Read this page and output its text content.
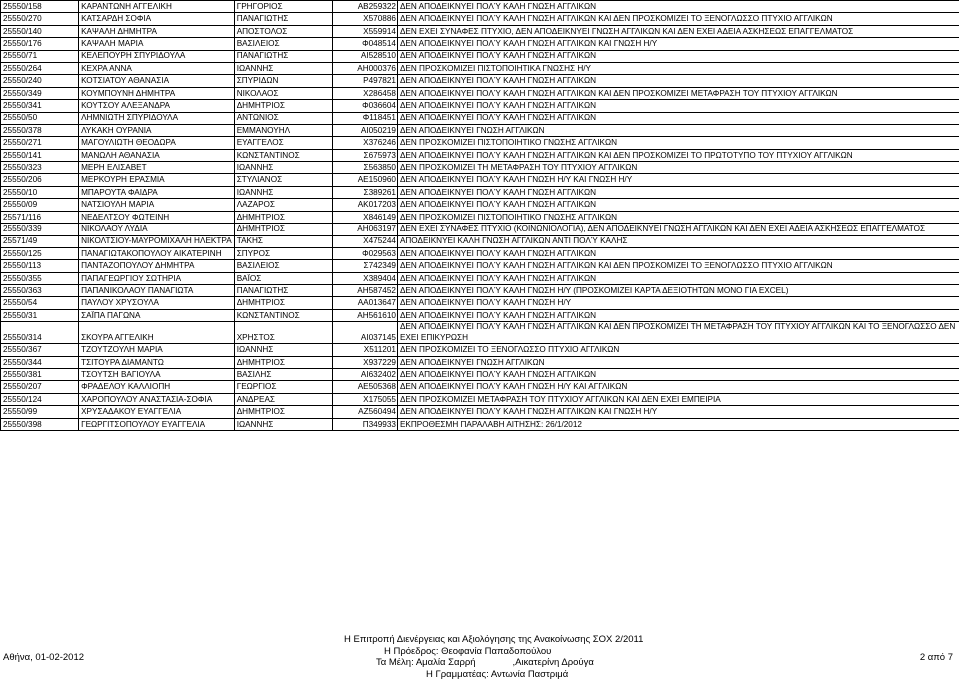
25550/158	ΚΑΡΑΝΤΩΝΗ ΑΓΓΕΛΙΚΗ	ΓΡΗΓΟΡΙΟΣ	ΑΒ259322	ΔΕΝ ΑΠΟΔΕΙΚΝΥΕΙ ΠΟΛΎ ΚΑΛΗ ΓΝΩΣΗ ΑΓΓΛΙΚΩΝ
25550/270	ΚΑΤΣΑΡΔΗ ΣΟΦΙΑ	ΠΑΝΑΓΙΩΤΗΣ	Χ570886	ΔΕΝ ΑΠΟΔΕΙΚΝΥΕΙ ΠΟΛΎ ΚΑΛΗ ΓΝΩΣΗ ΑΓΓΛΙΚΩΝ ΚΑΙ ΔΕΝ ΠΡΟΣΚΟΜΙΖΕΙ ΤΟ ΞΕΝΟΓΛΩΣΣΟ ΠΤΥΧΙΟ ΑΓΓΛΙΚΩΝ
25550/140	ΚΑΨΑΛΗ ΔΗΜΗΤΡΑ	ΑΠΟΣΤΟΛΟΣ	Χ559914	ΔΕΝ ΕΧΕΙ ΣΥΝΑΦΕΣ ΠΤΥΧΙΟ, ΔΕΝ ΑΠΟΔΕΙΚΝΥΕΙ ΓΝΩΣΗ ΑΓΓΛΙΚΩΝ ΚΑΙ ΔΕΝ ΕΧΕΙ ΑΔΕΙΑ ΑΣΚΗΣΕΩΣ ΕΠΑΓΓΕΛΜΑΤΟΣ
25550/176	ΚΑΨΑΛΗ ΜΑΡΙΑ	ΒΑΣΙΛΕΙΟΣ	Φ048514	ΔΕΝ ΑΠΟΔΕΙΚΝΥΕΙ ΠΟΛΎ ΚΑΛΗ ΓΝΩΣΗ ΑΓΓΛΙΚΩΝ ΚΑΙ ΓΝΩΣΗ Η/Υ
25550/71	ΚΕΛΕΠΟΥΡΗ ΣΠΥΡΙΔΟΥΛΑ	ΠΑΝΑΓΙΩΤΗΣ	ΑΙ528510	ΔΕΝ ΑΠΟΔΕΙΚΝΥΕΙ ΠΟΛΎ ΚΑΛΗ ΓΝΩΣΗ ΑΓΓΛΙΚΩΝ
25550/264	ΚΕΧΡΑ ΑΝΝΑ	ΙΩΑΝΝΗΣ	ΑΗ000376	ΔΕΝ ΠΡΟΣΚΟΜΙΖΕΙ ΠΙΣΤΟΠΟΙΗΤΙΚΑ ΓΝΩΣΗΣ Η/Υ
25550/240	ΚΟΤΣΙΑΤΟΥ ΑΘΑΝΑΣΙΑ	ΣΠΥΡΙΔΩΝ	Ρ497821	ΔΕΝ ΑΠΟΔΕΙΚΝΥΕΙ ΠΟΛΎ ΚΑΛΗ ΓΝΩΣΗ ΑΓΓΛΙΚΩΝ
25550/349	ΚΟΥΜΠΟΥΝΗ ΔΗΜΗΤΡΑ	ΝΙΚΟΛΑΟΣ	Χ286458	ΔΕΝ ΑΠΟΔΕΙΚΝΥΕΙ ΠΟΛΎ ΚΑΛΗ ΓΝΩΣΗ ΑΓΓΛΙΚΩΝ ΚΑΙ ΔΕΝ ΠΡΟΣΚΟΜΙΖΕΙ ΜΕΤΑΦΡΑΣΗ ΤΟΥ ΠΤΥΧΙΟΥ ΑΓΓΛΙΚΩΝ
25550/341	ΚΟΥΤΣΟΥ ΑΛΕΞΑΝΔΡΑ	ΔΗΜΗΤΡΙΟΣ	Φ036604	ΔΕΝ ΑΠΟΔΕΙΚΝΥΕΙ ΠΟΛΎ ΚΑΛΗ ΓΝΩΣΗ ΑΓΓΛΙΚΩΝ
25550/50	ΛΗΜΝΙΩΤΗ ΣΠΥΡΙΔΟΥΛΑ	ΑΝΤΩΝΙΟΣ	Φ118451	ΔΕΝ ΑΠΟΔΕΙΚΝΥΕΙ ΠΟΛΎ ΚΑΛΗ ΓΝΩΣΗ ΑΓΓΛΙΚΩΝ
25550/378	ΛΥΚΑΚΗ ΟΥΡΑΝΙΑ	ΕΜΜΑΝΟΥΗΛ	ΑΙ050219	ΔΕΝ ΑΠΟΔΕΙΚΝΥΕΙ ΓΝΩΣΗ ΑΓΓΛΙΚΩΝ
25550/271	ΜΑΓΟΥΛΙΩΤΗ ΘΕΟΔΩΡΑ	ΕΥΑΓΓΕΛΟΣ	Χ376246	ΔΕΝ ΠΡΟΣΚΟΜΙΖΕΙ ΠΙΣΤΟΠΟΙΗΤΙΚΟ ΓΝΩΣΗΣ ΑΓΓΛΙΚΩΝ
25550/141	ΜΑΝΩΛΗ ΑΘΑΝΑΣΙΑ	ΚΩΝΣΤΑΝΤΙΝΟΣ	Σ675973	ΔΕΝ ΑΠΟΔΕΙΚΝΥΕΙ ΠΟΛΎ ΚΑΛΗ ΓΝΩΣΗ ΑΓΓΛΙΚΩΝ ΚΑΙ ΔΕΝ ΠΡΟΣΚΟΜΙΖΕΙ ΤΟ ΠΡΩΤΟΤΥΠΟ ΤΟΥ ΠΤΥΧΙΟΥ ΑΓΓΛΙΚΩΝ
25550/323	ΜΕΡΗ ΕΛΙΣΑΒΕΤ	ΙΩΑΝΝΗΣ	Σ563850	ΔΕΝ ΠΡΟΣΚΟΜΙΖΕΙ ΤΗ ΜΕΤΑΦΡΑΣΗ ΤΟΥ ΠΤΥΧΙΟΥ ΑΓΓΛΙΚΩΝ
25550/206	ΜΕΡΚΟΥΡΗ ΕΡΑΣΜΙΑ	ΣΤΥΛΙΑΝΟΣ	ΑΕ150960	ΔΕΝ ΑΠΟΔΕΙΚΝΥΕΙ ΠΟΛΎ ΚΑΛΗ ΓΝΩΣΗ Η/Υ ΚΑΙ ΓΝΩΣΗ Η/Υ
25550/10	ΜΠΑΡΟΥΤΑ ΦΑΙΔΡΑ	ΙΩΑΝΝΗΣ	Σ389261	ΔΕΝ ΑΠΟΔΕΙΚΝΥΕΙ ΠΟΛΎ ΚΑΛΗ ΓΝΩΣΗ ΑΓΓΛΙΚΩΝ
25550/09	ΝΑΤΣΙΟΥΛΗ ΜΑΡΙΑ	ΛΑΖΑΡΟΣ	ΑΚ017203	ΔΕΝ ΑΠΟΔΕΙΚΝΥΕΙ ΠΟΛΎ ΚΑΛΗ ΓΝΩΣΗ ΑΓΓΛΙΚΩΝ
25571/116	ΝΕΔΕΛΤΣΟΥ ΦΩΤΕΙΝΗ	ΔΗΜΗΤΡΙΟΣ	Χ846149	ΔΕΝ ΠΡΟΣΚΟΜΙΖΕΙ ΠΙΣΤΟΠΟΙΗΤΙΚΟ ΓΝΩΣΗΣ ΑΓΓΛΙΚΩΝ
25550/339	ΝΙΚΟΛΑΟΥ ΛΥΔΙΑ	ΔΗΜΗΤΡΙΟΣ	ΑΗ063197	ΔΕΝ ΕΧΕΙ ΣΥΝΑΦΕΣ ΠΤΥΧΙΟ (ΚΟΙΝΩΝΙΟΛΟΓΙΑ), ΔΕΝ ΑΠΟΔΕΙΚΝΥΕΙ ΓΝΩΣΗ ΑΓΓΛΙΚΩΝ ΚΑΙ ΔΕΝ ΕΧΕΙ ΑΔΕΙΑ ΑΣΚΗΣΕΩΣ ΕΠΑΓΓΕΛΜΑΤΟΣ
25571/49	ΝΙΚΟΛΤΣΙΟΥ-ΜΑΥΡΟΜΙΧΑΛΗ ΗΛΕΚΤΡΑ	ΤΑΚΗΣ	Χ475244	ΑΠΟΔΕΙΚΝΥΕΙ ΚΑΛΗ ΓΝΩΣΗ ΑΓΓΛΙΚΩΝ ΑΝΤΙ ΠΟΛΎ ΚΑΛΗΣ
25550/125	ΠΑΝΑΓΙΩΤΑΚΟΠΟΥΛΟΥ ΑΙΚΑΤΕΡΙΝΗ	ΣΠΥΡΟΣ	Φ029563	ΔΕΝ ΑΠΟΔΕΙΚΝΥΕΙ ΠΟΛΎ ΚΑΛΗ ΓΝΩΣΗ ΑΓΓΛΙΚΩΝ
25550/113	ΠΑΝΤΑΖΟΠΟΥΛΟΥ ΔΗΜΗΤΡΑ	ΒΑΣΙΛΕΙΟΣ	Σ742349	ΔΕΝ ΑΠΟΔΕΙΚΝΥΕΙ ΠΟΛΎ ΚΑΛΗ ΓΝΩΣΗ ΑΓΓΛΙΚΩΝ ΚΑΙ ΔΕΝ ΠΡΟΣΚΟΜΙΖΕΙ ΤΟ ΞΕΝΟΓΛΩΣΣΟ ΠΤΥΧΙΟ ΑΓΓΛΙΚΩΝ
25550/355	ΠΑΠΑΓΕΩΡΓΙΟΥ ΣΩΤΗΡΙΑ	ΒΑΪΟΣ	Χ389404	ΔΕΝ ΑΠΟΔΕΙΚΝΥΕΙ ΠΟΛΎ ΚΑΛΗ ΓΝΩΣΗ ΑΓΓΛΙΚΩΝ
25550/363	ΠΑΠΑΝΙΚΟΛΑΟΥ ΠΑΝΑΓΙΩΤΑ	ΠΑΝΑΓΙΩΤΗΣ	ΑΗ587452	ΔΕΝ ΑΠΟΔΕΙΚΝΥΕΙ ΠΟΛΎ ΚΑΛΗ ΓΝΩΣΗ Η/Υ (ΠΡΟΣΚΟΜΙΖΕΙ ΚΑΡΤΑ ΔΕΞΙΟΤΗΤΩΝ ΜΟΝΟ ΓΙΑ EXCEL)
25550/54	ΠΑΥΛΟΥ ΧΡΥΣΟΥΛΑ	ΔΗΜΗΤΡΙΟΣ	ΑΑ013647	ΔΕΝ ΑΠΟΔΕΙΚΝΥΕΙ ΠΟΛΎ ΚΑΛΗ ΓΝΩΣΗ Η/Υ
25550/31	ΣΑΪΠΑ ΠΑΓΩΝΑ	ΚΩΝΣΤΑΝΤΙΝΟΣ	ΑΗ561610	ΔΕΝ ΑΠΟΔΕΙΚΝΥΕΙ ΠΟΛΎ ΚΑΛΗ ΓΝΩΣΗ ΑΓΓΛΙΚΩΝ
25550/314	ΣΚΟΥΡΑ ΑΓΓΕΛΙΚΗ	ΧΡΗΣΤΟΣ	ΑΙ037145	ΔΕΝ ΑΠΟΔΕΙΚΝΥΕΙ ΠΟΛΎ ΚΑΛΗ ΓΝΩΣΗ ΑΓΓΛΙΚΩΝ ΚΑΙ ΔΕΝ ΠΡΟΣΚΟΜΙΖΕΙ ΤΗ ΜΕΤΑΦΡΑΣΗ ΤΟΥ ΠΤΥΧΙΟΥ ΑΓΓΛΙΚΩΝ ΚΑΙ ΤΟ ΞΕΝΟΓΛΩΣΣΟ ΔΕΝ ΕΧΕΙ ΕΠΙΚΥΡΩΣΗ
25550/367	ΤΖΟΥΤΖΟΥΛΗ ΜΑΡΙΑ	ΙΩΑΝΝΗΣ	Χ511201	ΔΕΝ ΠΡΟΣΚΟΜΙΖΕΙ ΤΟ ΞΕΝΟΓΛΩΣΣΟ ΠΤΥΧΙΟ ΑΓΓΛΙΚΩΝ
25550/344	ΤΣΙΤΟΥΡΑ ΔΙΑΜΑΝΤΩ	ΔΗΜΗΤΡΙΟΣ	Χ937229	ΔΕΝ ΑΠΟΔΕΙΚΝΥΕΙ ΓΝΩΣΗ ΑΓΓΛΙΚΩΝ
25550/381	ΤΣΟΥΤΣΗ ΒΑΓΙΟΥΛΑ	ΒΑΣΙΛΗΣ	ΑΙ632402	ΔΕΝ ΑΠΟΔΕΙΚΝΥΕΙ ΠΟΛΎ ΚΑΛΗ ΓΝΩΣΗ ΑΓΓΛΙΚΩΝ
25550/207	ΦΡΑΔΕΛΟΥ ΚΑΛΛΙΟΠΗ	ΓΕΩΡΓΙΟΣ	ΑΕ505368	ΔΕΝ ΑΠΟΔΕΙΚΝΥΕΙ ΠΟΛΎ ΚΑΛΗ ΓΝΩΣΗ Η/Υ ΚΑΙ ΑΓΓΛΙΚΩΝ
25550/124	ΧΑΡΟΠΟΥΛΟΥ ΑΝΑΣΤΑΣΙΑ-ΣΟΦΙΑ	ΑΝΔΡΕΑΣ	Χ175055	ΔΕΝ ΠΡΟΣΚΟΜΙΖΕΙ ΜΕΤΑΦΡΑΣΗ ΤΟΥ ΠΤΥΧΙΟΥ ΑΓΓΛΙΚΩΝ ΚΑΙ ΔΕΝ ΕΧΕΙ ΕΜΠΕΙΡΙΑ
25550/99	ΧΡΥΣΑΔΑΚΟΥ ΕΥΑΓΓΕΛΙΑ	ΔΗΜΗΤΡΙΟΣ	ΑΖ560494	ΔΕΝ ΑΠΟΔΕΙΚΝΥΕΙ ΠΟΛΎ ΚΑΛΗ ΓΝΩΣΗ ΑΓΓΛΙΚΩΝ ΚΑΙ ΓΝΩΣΗ Η/Υ
25550/398	ΓΕΩΡΓΙΤΣΟΠΟΥΛΟΥ ΕΥΑΓΓΕΛΙΑ	ΙΩΑΝΝΗΣ	Π349933	ΕΚΠΡΟΘΕΣΜΗ ΠΑΡΑΛΑΒΗ ΑΙΤΗΣΗΣ: 26/1/2012
Η Επιτροπή Διενέργειας και Αξιολόγησης της Ανακοίνωσης ΣΟΧ 2/2011
Η Πρόεδρος: Θεοφανία Παπαδοπούλου
Τα Μέλη: Αμαλία Σαρρή              ,Αικατερίνη Δρούγα
Η Γραμματέας: Αντωνία Παστριμά
Αθήνα, 01-02-2012	2 από 7
